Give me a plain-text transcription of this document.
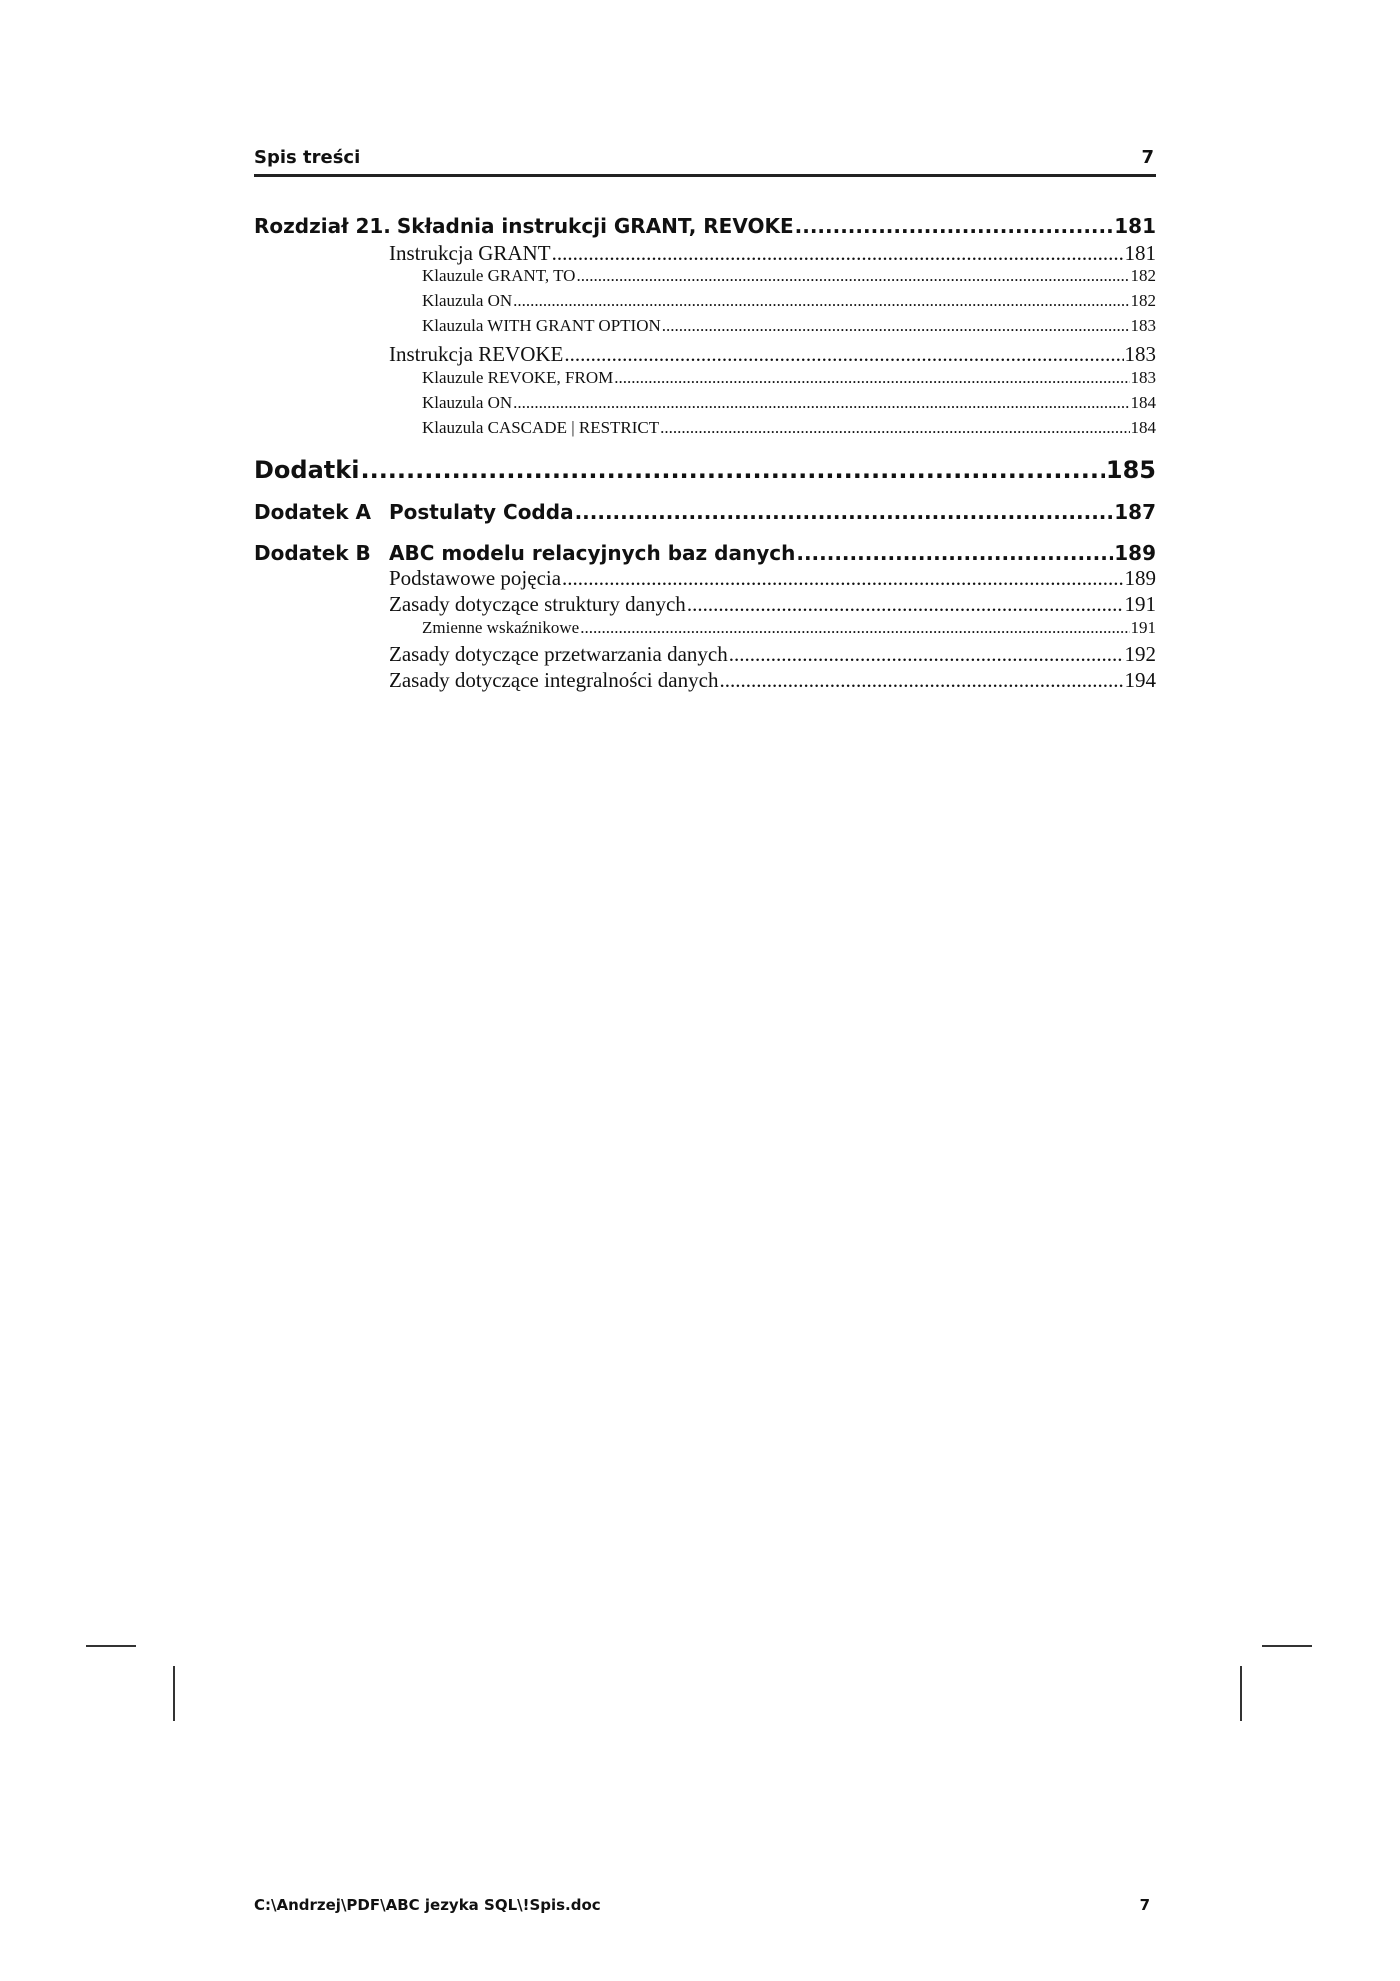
Spis treści	7
Rozdział 21. Składnia instrukcji GRANT, REVOKE .....	181
Instrukcja GRANT .....	181
Klauzule GRANT, TO .....	182
Klauzula ON .....	182
Klauzula WITH GRANT OPTION .....	183
Instrukcja REVOKE .....	183
Klauzule REVOKE, FROM .....	183
Klauzula ON .....	184
Klauzula CASCADE | RESTRICT .....	184
Dodatki .....	185
Dodatek A Postulaty Codda .....	187
Dodatek B ABC modelu relacyjnych baz danych .....	189
Podstawowe pojęcia .....	189
Zasady dotyczące struktury danych .....	191
Zmienne wskaźnikowe .....	191
Zasady dotyczące przetwarzania danych .....	192
Zasady dotyczące integralności danych .....	194
C:\Andrzej\PDF\ABC jezyka SQL\!Spis.doc	7
